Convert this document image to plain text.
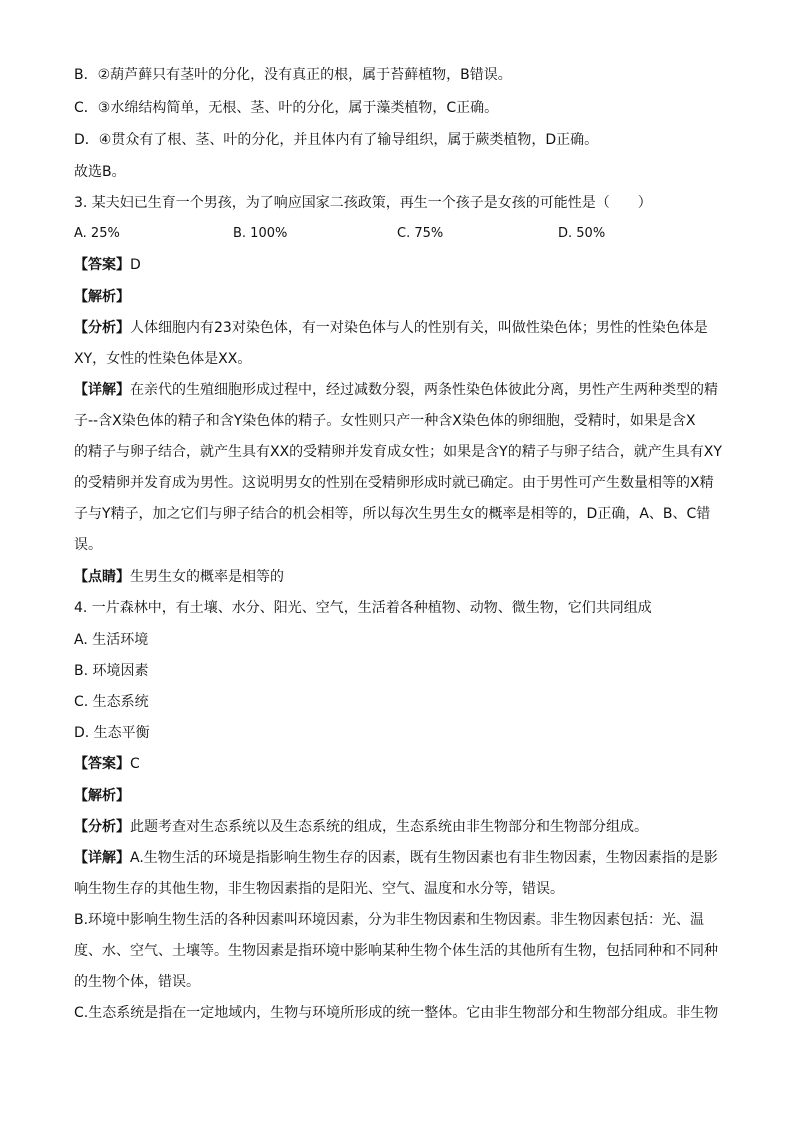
B．②葫芦藓只有茎叶的分化，没有真正的根，属于苔藓植物，B错误。
C．③水绵结构简单，无根、茎、叶的分化，属于藻类植物，C正确。
D．④贯众有了根、茎、叶的分化，并且体内有了输导组织，属于蕨类植物，D正确。
故选B。
3. 某夫妇已生育一个男孩，为了响应国家二孩政策，再生一个孩子是女孩的可能性是（　　）
A. 25%	B. 100%	C. 75%	D. 50%
【答案】D
【解析】
【分析】人体细胞内有23对染色体，有一对染色体与人的性别有关，叫做性染色体；男性的性染色体是
XY，女性的性染色体是XX。
【详解】在亲代的生殖细胞形成过程中，经过减数分裂，两条性染色体彼此分离，男性产生两种类型的精
子--含X染色体的精子和含Y染色体的精子。女性则只产一种含X染色体的卵细胞，受精时，如果是含X
的精子与卵子结合，就产生具有XX的受精卵并发育成女性；如果是含Y的精子与卵子结合，就产生具有XY
的受精卵并发育成为男性。这说明男女的性别在受精卵形成时就已确定。由于男性可产生数量相等的X精
子与Y精子，加之它们与卵子结合的机会相等，所以每次生男生女的概率是相等的，D正确，A、B、C错
误。
【点睛】生男生女的概率是相等的
4. 一片森林中，有土壤、水分、阳光、空气，生活着各种植物、动物、微生物，它们共同组成
A. 生活环境
B. 环境因素
C. 生态系统
D. 生态平衡
【答案】C
【解析】
【分析】此题考查对生态系统以及生态系统的组成，生态系统由非生物部分和生物部分组成。
【详解】A.生物生活的环境是指影响生物生存的因素，既有生物因素也有非生物因素，生物因素指的是影
响生物生存的其他生物，非生物因素指的是阳光、空气、温度和水分等，错误。
B.环境中影响生物生活的各种因素叫环境因素，分为非生物因素和生物因素。非生物因素包括：光、温
度、水、空气、土壤等。生物因素是指环境中影响某种生物个体生活的其他所有生物，包括同种和不同种
的生物个体，错误。
C.生态系统是指在一定地域内，生物与环境所形成的统一整体。它由非生物部分和生物部分组成。非生物
